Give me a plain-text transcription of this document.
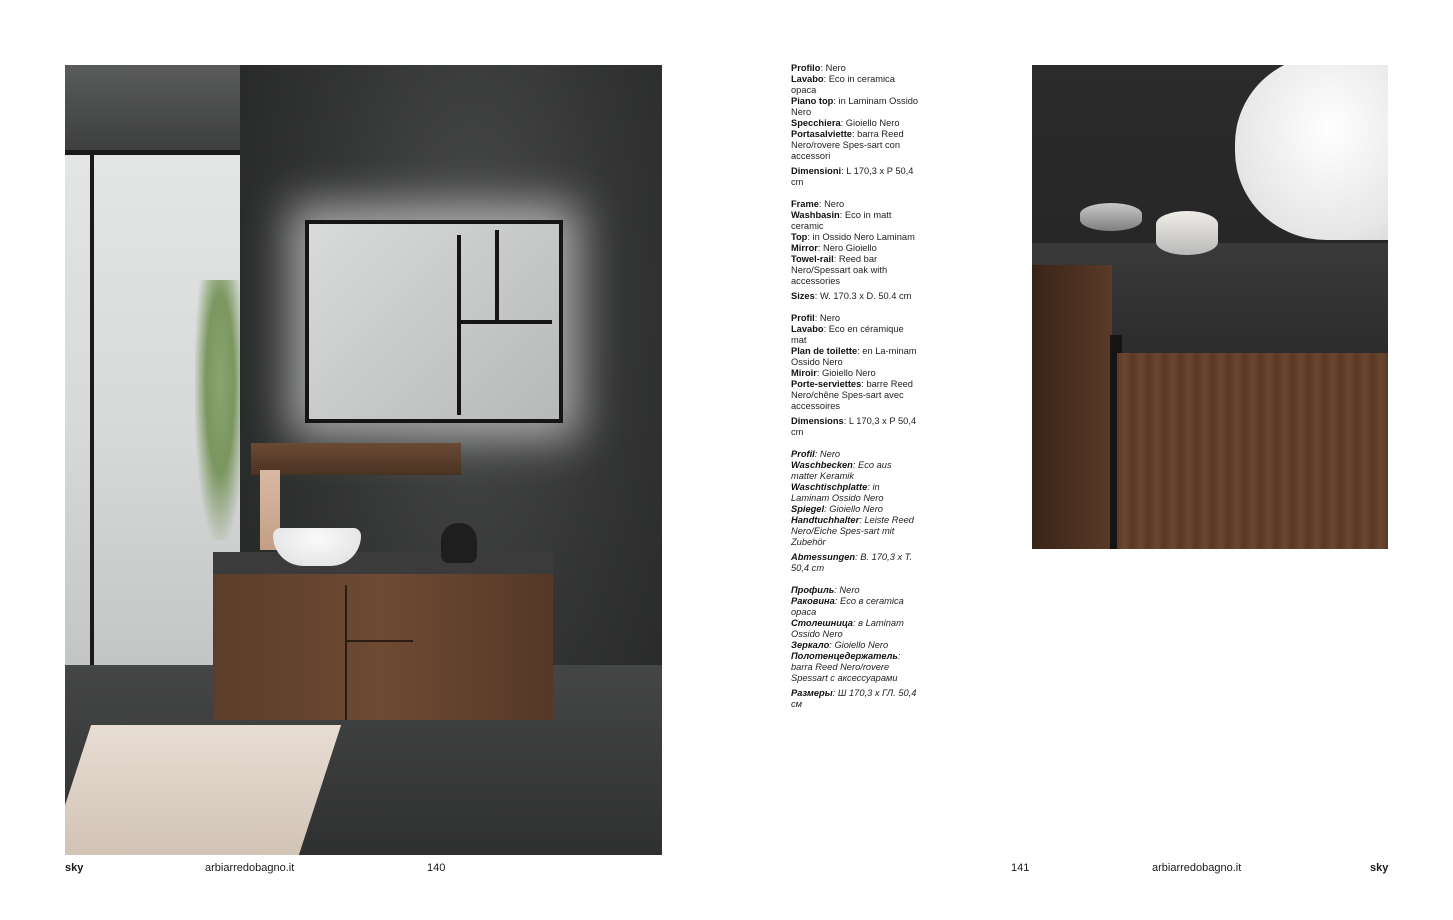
Profilo: Nero
Lavabo: Eco in ceramica opaca
Piano top: in Laminam Ossido Nero
Specchiera: Gioiello Nero
Portasalviette: barra Reed Nero/rovere Spes-sart con accessori
Dimensioni: L 170,3 x P 50,4 cm
Frame: Nero
Washbasin: Eco in matt ceramic
Top: in Ossido Nero Laminam
Mirror: Nero Gioiello
Towel-rail: Reed bar Nero/Spessart oak with accessories
Sizes: W. 170.3 x D. 50.4 cm
Profil: Nero
Lavabo: Eco en céramique mat
Plan de toilette: en La-minam Ossido Nero
Miroir: Gioiello Nero
Porte-serviettes: barre Reed Nero/chêne Spes-sart avec accessoires
Dimensions: L 170,3 x P 50,4 cm
Profil: Nero
Waschbecken: Eco aus matter Keramik
Waschtischplatte: in Laminam Ossido Nero
Spiegel: Gioiello Nero
Handtuchhalter: Leiste Reed Nero/Eiche Spes-sart mit Zubehör
Abmessungen: B. 170,3 x T. 50,4 cm
Профиль: Nero
Раковина: Eco в ceramica opaca
Столешница: в Laminam Ossido Nero
Зеркало: Gioiello Nero
Полотенцедержатель: barra Reed Nero/rovere Spessart с аксессуарами
Размеры: Ш 170,3 x ГЛ. 50,4 см
sky	arbiarredobagno.it	140	141	arbiarredobagno.it	sky
